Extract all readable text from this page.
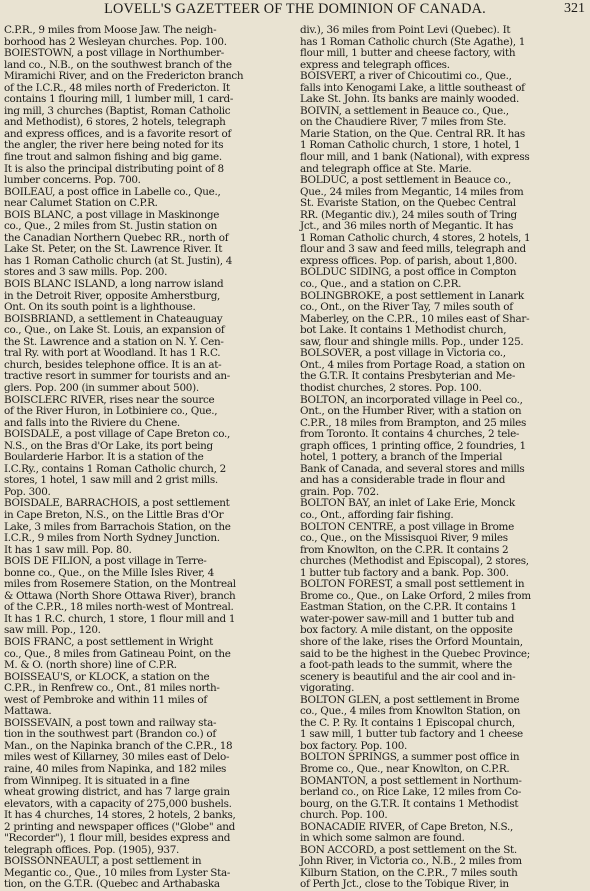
LOVELL'S GAZETTEER OF THE DOMINION OF CANADA.	321
C.P.R., 9 miles from Moose Jaw. The neigh-
borhood has 2 Wesleyan churches. Pop. 100.
BOIESTOWN, a post village in Northumber-
land co., N.B., on the southwest branch of the
Miramichi River, and on the Fredericton branch
of the I.C.R., 48 miles north of Fredericton. It
contains 1 flouring mill, 1 lumber mill, 1 card-
ing mill, 3 churches (Baptist, Roman Catholic
and Methodist), 6 stores, 2 hotels, telegraph
and express offices, and is a favorite resort of
the angler, the river here being noted for its
fine trout and salmon fishing and big game.
It is also the principal distributing point of 8
lumber concerns. Pop. 700.
BOILEAU, a post office in Labelle co., Que.,
near Calumet Station on C.P.R.
BOIS BLANC, a post village in Maskinonge
co., Que., 2 miles from St. Justin station on
the Canadian Northern Quebec RR., north of
Lake St. Peter, on the St. Lawrence River. It
has 1 Roman Catholic church (at St. Justin), 4
stores and 3 saw mills. Pop. 200.
BOIS BLANC ISLAND, a long narrow island
in the Detroit River, opposite Amherstburg,
Ont. On its south point is a lighthouse.
BOISBRIAND, a settlement in Chateauguay
co., Que., on Lake St. Louis, an expansion of
the St. Lawrence and a station on N. Y. Cen-
tral Ry. with port at Woodland. It has 1 R.C.
church, besides telephone office. It is an at-
tractive resort in summer for tourists and an-
glers. Pop. 200 (in summer about 500).
BOISCLERC RIVER, rises near the source
of the River Huron, in Lotbiniere co., Que.,
and falls into the Riviere du Chene.
BOISDALE, a post village of Cape Breton co.,
N.S., on the Bras d'Or Lake, its port being
Boularderie Harbor. It is a station of the
I.C.Ry., contains 1 Roman Catholic church, 2
stores, 1 hotel, 1 saw mill and 2 grist mills.
Pop. 300.
BOISDALE, BARRACHOIS, a post settlement
in Cape Breton, N.S., on the Little Bras d'Or
Lake, 3 miles from Barrachois Station, on the
I.C.R., 9 miles from North Sydney Junction.
It has 1 saw mill. Pop. 80.
BOIS DE FILION, a post village in Terre-
bonne co., Que., on the Mille Isles River, 4
miles from Rosemere Station, on the Montreal
& Ottawa (North Shore Ottawa River), branch
of the C.P.R., 18 miles north-west of Montreal.
It has 1 R.C. church, 1 store, 1 flour mill and 1
saw mill. Pop., 120.
BOIS FRANC, a post settlement in Wright
co., Que., 8 miles from Gatineau Point, on the
M. & O. (north shore) line of C.P.R.
BOISSEAU'S, or KLOCK, a station on the
C.P.R., in Renfrew co., Ont., 81 miles north-
west of Pembroke and within 11 miles of
Mattawa.
BOISSEVAIN, a post town and railway sta-
tion in the southwest part (Brandon co.) of
Man., on the Napinka branch of the C.P.R., 18
miles west of Killarney, 30 miles east of Delo-
raine, 40 miles from Napinka, and 182 miles
from Winnipeg. It is situated in a fine
wheat growing district, and has 7 large grain
elevators, with a capacity of 275,000 bushels.
It has 4 churches, 14 stores, 2 hotels, 2 banks,
2 printing and newspaper offices ("Globe" and
"Recorder"), 1 flour mill, besides express and
telegraph offices. Pop. (1905), 937.
BOISSONNEAULT, a post settlement in
Megantic co., Que., 10 miles from Lyster Sta-
tion, on the G.T.R. (Quebec and Arthabaska
div.), 36 miles from Point Levi (Quebec). It
has 1 Roman Catholic church (Ste Agathe), 1
flour mill, 1 butter and cheese factory, with
express and telegraph offices.
BOISVERT, a river of Chicoutimi co., Que.,
falls into Kenogami Lake, a little southeast of
Lake St. John. Its banks are mainly wooded.
BOIVIN, a settlement in Beauce co., Que.,
on the Chaudiere River, 7 miles from Ste.
Marie Station, on the Que. Central RR. It has
1 Roman Catholic church, 1 store, 1 hotel, 1
flour mill, and 1 bank (National), with express
and telegraph office at Ste. Marie.
BOLDUC, a post settlement in Beauce co.,
Que., 24 miles from Megantic, 14 miles from
St. Evariste Station, on the Quebec Central
RR. (Megantic div.), 24 miles south of Tring
Jct., and 36 miles north of Megantic. It has
1 Roman Catholic church, 4 stores, 2 hotels, 1
flour and 3 saw and feed mills, telegraph and
express offices. Pop. of parish, about 1,800.
BOLDUC SIDING, a post office in Compton
co., Que., and a station on C.P.R.
BOLINGBROKE, a post settlement in Lanark
co., Ont., on the River Tay, 7 miles south of
Maberley, on the C.P.R., 10 miles east of Shar-
bot Lake. It contains 1 Methodist church,
saw, flour and shingle mills. Pop., under 125.
BOLSOVER, a post village in Victoria co.,
Ont., 4 miles from Portage Road, a station on
the G.T.R. It contains Presbyterian and Me-
thodist churches, 2 stores. Pop. 100.
BOLTON, an incorporated village in Peel co.,
Ont., on the Humber River, with a station on
C.P.R., 18 miles from Brampton, and 25 miles
from Toronto. It contains 4 churches, 2 tele-
graph offices, 1 printing office, 2 foundries, 1
hotel, 1 pottery, a branch of the Imperial
Bank of Canada, and several stores and mills
and has a considerable trade in flour and
grain. Pop. 702.
BOLTON BAY, an inlet of Lake Erie, Monck
co., Ont., affording fair fishing.
BOLTON CENTRE, a post village in Brome
co., Que., on the Missisquoi River, 9 miles
from Knowlton, on the C.P.R. It contains 2
churches (Methodist and Episcopal), 2 stores,
1 butter tub factory and a bank. Pop. 300.
BOLTON FOREST, a small post settlement in
Brome co., Que., on Lake Orford, 2 miles from
Eastman Station, on the C.P.R. It contains 1
water-power saw-mill and 1 butter tub and
box factory. A mile distant, on the opposite
shore of the lake, rises the Orford Mountain,
said to be the highest in the Quebec Province;
a foot-path leads to the summit, where the
scenery is beautiful and the air cool and in-
vigorating.
BOLTON GLEN, a post settlement in Brome
co., Que., 4 miles from Knowlton Station, on
the C. P. Ry. It contains 1 Episcopal church,
1 saw mill, 1 butter tub factory and 1 cheese
box factory. Pop. 100.
BOLTON SPRINGS, a summer post office in
Brome co., Que., near Knowlton, on C.P.R.
BOMANTON, a post settlement in Northum-
berland co., on Rice Lake, 12 miles from Co-
bourg, on the G.T.R. It contains 1 Methodist
church. Pop. 100.
BONACADIE RIVER, of Cape Breton, N.S.,
in which some salmon are found.
BON ACCORD, a post settlement on the St.
John River, in Victoria co., N.B., 2 miles from
Kilburn Station, on the C.P.R., 7 miles south
of Perth Jct., close to the Tobique River, in
